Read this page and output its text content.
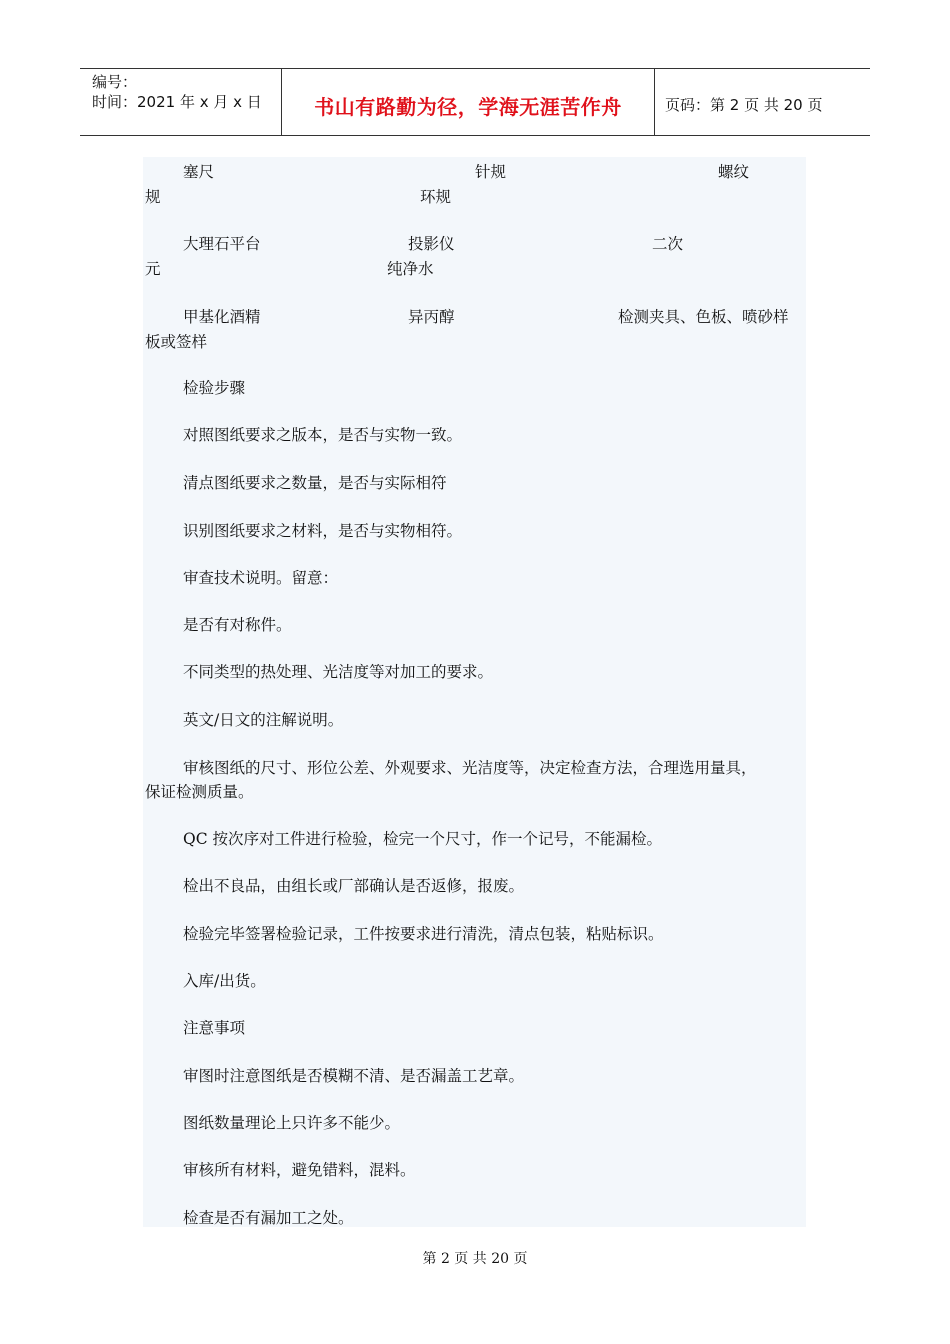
编号：
时间：2021 年 x 月 x 日	书山有路勤为径，学海无涯苦作舟	页码：第 2 页 共 20 页
塞尺	针规	螺纹
规	环规
大理石平台	投影仪	二次
元	纯净水
甲基化酒精	异丙醇	检测夹具、色板、喷砂样
板或签样
检验步骤
对照图纸要求之版本，是否与实物一致。
清点图纸要求之数量，是否与实际相符
识别图纸要求之材料，是否与实物相符。
审查技术说明。留意：
是否有对称件。
不同类型的热处理、光洁度等对加工的要求。
英文/日文的注解说明。
审核图纸的尺寸、形位公差、外观要求、光洁度等，决定检查方法，合理选用量具，
保证检测质量。
QC 按次序对工件进行检验，检完一个尺寸，作一个记号，不能漏检。
检出不良品，由组长或厂部确认是否返修，报废。
检验完毕签署检验记录，工件按要求进行清洗，清点包装，粘贴标识。
入库/出货。
注意事项
审图时注意图纸是否模糊不清、是否漏盖工艺章。
图纸数量理论上只许多不能少。
审核所有材料，避免错料，混料。
检查是否有漏加工之处。
第 2 页 共 20 页
